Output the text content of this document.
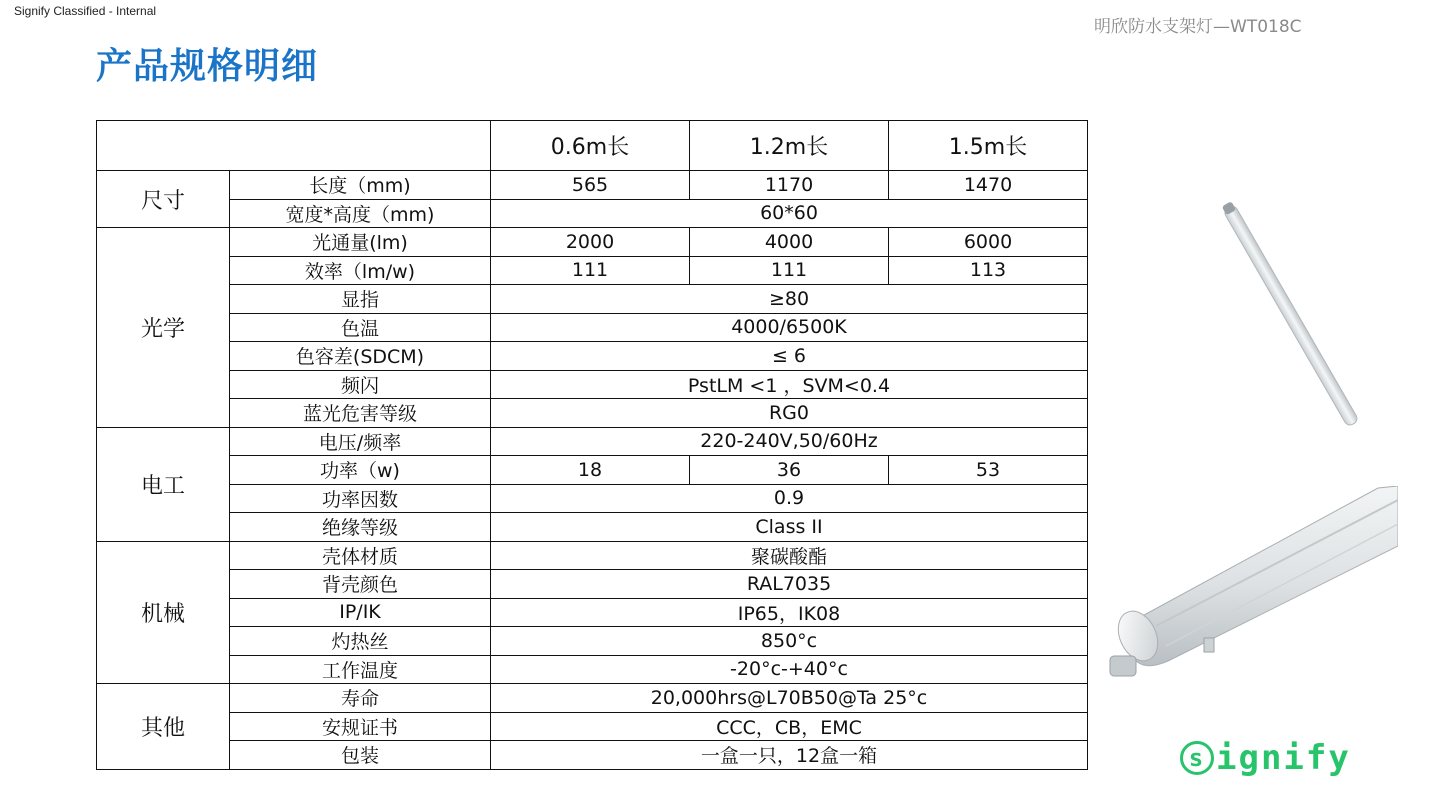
Signify Classified - Internal
明欣防水支架灯—WT018C
产品规格明细
		0.6m长	1.2m长	1.5m长
尺寸	长度（mm)	565	1170	1470
	宽度*高度（mm)	60*60		
光学	光通量(lm)	2000	4000	6000
	效率（lm/w)	111	111	113
	显指	≥80		
	色温	4000/6500K		
	色容差(SDCM)	≤ 6		
	频闪	PstLM <1 ，SVM<0.4		
	蓝光危害等级	RG0		
电工	电压/频率	220-240V,50/60Hz		
	功率（w)	18	36	53
	功率因数	0.9		
	绝缘等级	Class II		
机械	壳体材质	聚碳酸酯		
	背壳颜色	RAL7035		
	IP/IK	IP65，IK08		
	灼热丝	850°c		
	工作温度	-20°c-+40°c		
其他	寿命	20,000hrs@L70B50@Ta 25°c		
	安规证书	CCC，CB，EMC		
	包装	一盒一只，12盒一箱			s ignify
